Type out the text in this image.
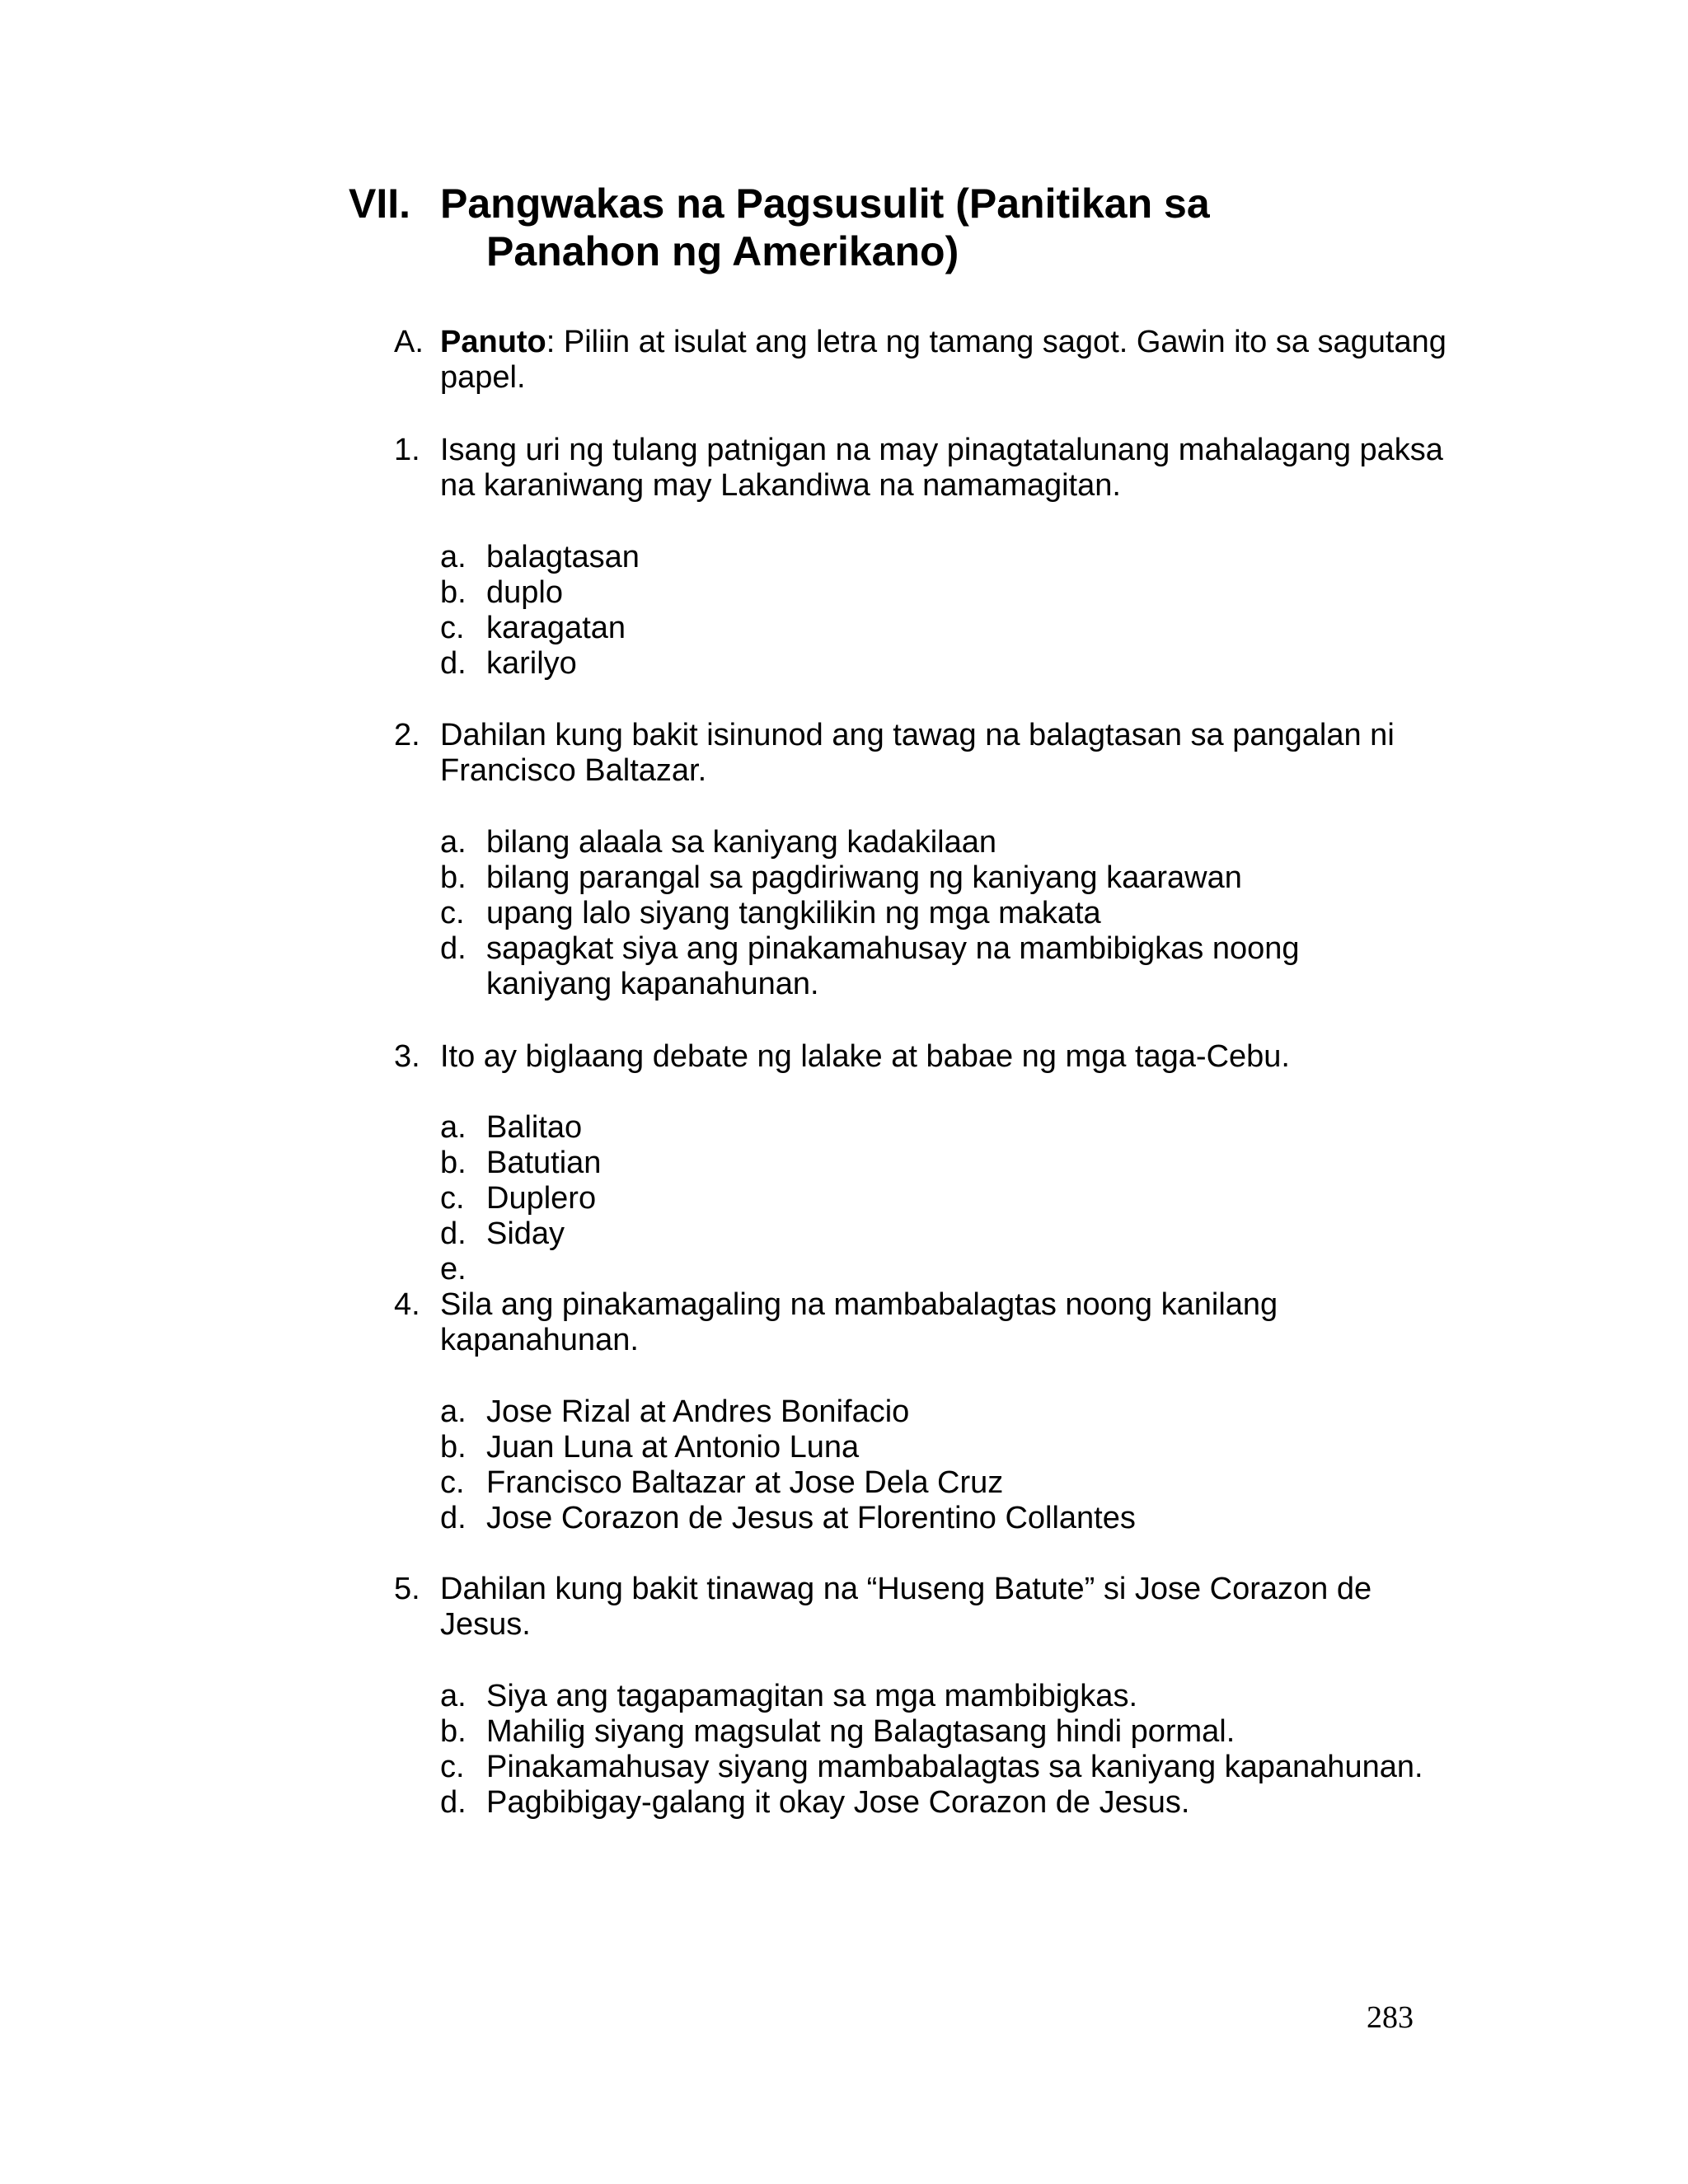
VII. Pangwakas na Pagsusulit (Panitikan sa
Panahon ng Amerikano)
A. Panuto: Piliin at isulat ang letra ng tamang sagot. Gawin ito sa sagutang papel.
1. Isang uri ng tulang patnigan na may pinagtatalunang mahalagang paksa na karaniwang may Lakandiwa na namamagitan.
a. balagtasan
b. duplo
c. karagatan
d. karilyo
2. Dahilan kung bakit isinunod ang tawag na balagtasan sa pangalan ni Francisco Baltazar.
a. bilang alaala sa kaniyang kadakilaan
b. bilang parangal sa pagdiriwang ng kaniyang kaarawan
c. upang lalo siyang tangkilikin ng mga makata
d. sapagkat siya ang pinakamahusay na mambibigkas noong kaniyang kapanahunan.
3. Ito ay biglaang debate ng lalake at babae ng mga taga-Cebu.
a. Balitao
b. Batutian
c. Duplero
d. Siday
e.
4. Sila ang pinakamagaling na mambabalagtas noong kanilang kapanahunan.
a. Jose Rizal at Andres Bonifacio
b. Juan Luna at Antonio Luna
c. Francisco Baltazar at Jose Dela Cruz
d. Jose Corazon de Jesus at Florentino Collantes
5. Dahilan kung bakit tinawag na “Huseng Batute” si Jose Corazon de Jesus.
a. Siya ang tagapamagitan sa mga mambibigkas.
b. Mahilig siyang magsulat ng Balagtasang hindi pormal.
c. Pinakamahusay siyang mambabalagtas sa kaniyang kapanahunan.
d. Pagbibigay-galang it okay Jose Corazon de Jesus.
283
